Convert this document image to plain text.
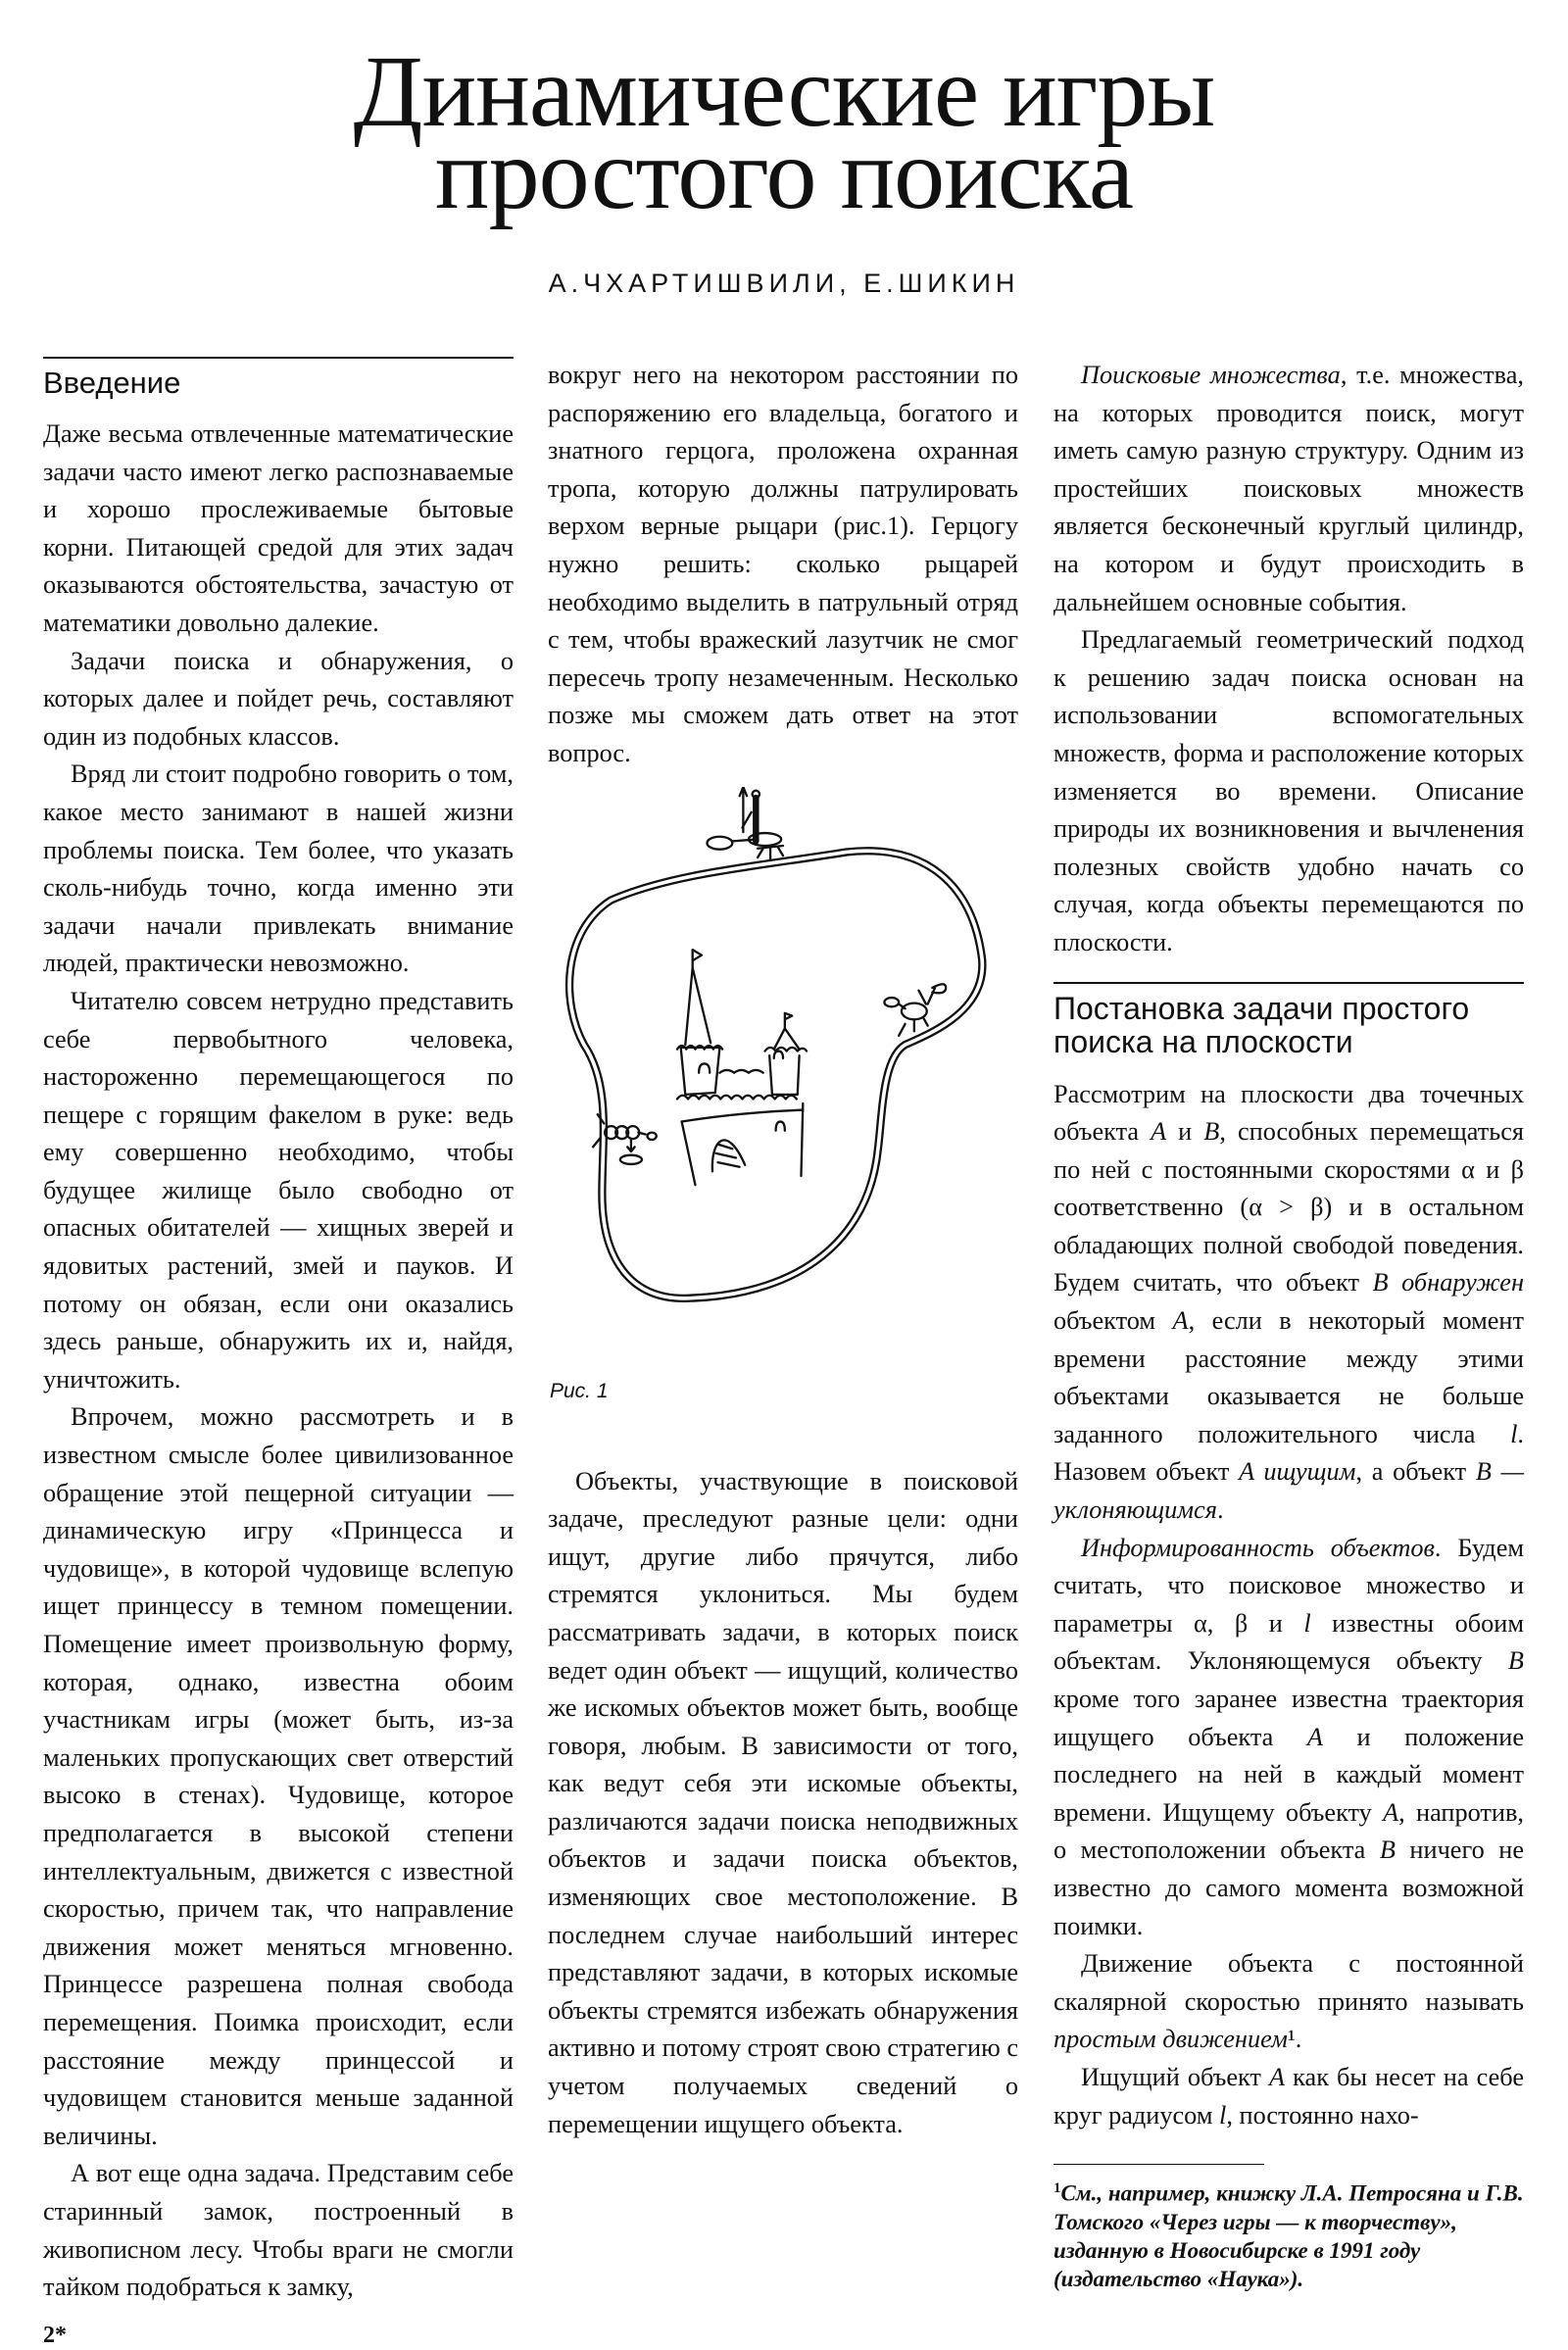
Динамические игры
простого поиска
А.ЧХАРТИШВИЛИ, Е.ШИКИН
Введение

Даже весьма отвлеченные математические задачи часто имеют легко распознаваемые и хорошо прослеживаемые бытовые корни. Питающей средой для этих задач оказываются обстоятельства, зачастую от математики довольно далекие.

Задачи поиска и обнаружения, о которых далее и пойдет речь, составляют один из подобных классов.

Вряд ли стоит подробно говорить о том, какое место занимают в нашей жизни проблемы поиска. Тем более, что указать сколь-нибудь точно, когда именно эти задачи начали привлекать внимание людей, практически невозможно.

Читателю совсем нетрудно представить себе первобытного человека, настороженно перемещающегося по пещере с горящим факелом в руке: ведь ему совершенно необходимо, чтобы будущее жилище было свободно от опасных обитателей — хищных зверей и ядовитых растений, змей и пауков. И потому он обязан, если они оказались здесь раньше, обнаружить их и, найдя, уничтожить.

Впрочем, можно рассмотреть и в известном смысле более цивилизованное обращение этой пещерной ситуации — динамическую игру «Принцесса и чудовище», в которой чудовище вслепую ищет принцессу в темном помещении. Помещение имеет произвольную форму, которая, однако, известна обоим участникам игры (может быть, из-за маленьких пропускающих свет отверстий высоко в стенах). Чудовище, которое предполагается в высокой степени интеллектуальным, движется с известной скоростью, причем так, что направление движения может меняться мгновенно. Принцессе разрешена полная свобода перемещения. Поимка происходит, если расстояние между принцессой и чудовищем становится меньше заданной величины.

А вот еще одна задача. Представим себе старинный замок, построенный в живописном лесу. Чтобы враги не смогли тайком подобраться к замку,

2*

вокруг него на некотором расстоянии по распоряжению его владельца, богатого и знатного герцога, проложена охранная тропа, которую должны патрулировать верхом верные рыцари (рис.1). Герцогу нужно решить: сколько рыцарей необходимо выделить в патрульный отряд с тем, чтобы вражеский лазутчик не смог пересечь тропу незамеченным. Несколько позже мы сможем дать ответ на этот вопрос.

Рис. 1

Объекты, участвующие в поисковой задаче, преследуют разные цели: одни ищут, другие либо прячутся, либо стремятся уклониться. Мы будем рассматривать задачи, в которых поиск ведет один объект — ищущий, количество же искомых объектов может быть, вообще говоря, любым. В зависимости от того, как ведут себя эти искомые объекты, различаются задачи поиска неподвижных объектов и задачи поиска объектов, изменяющих свое местоположение. В последнем случае наибольший интерес представляют задачи, в которых искомые объекты стремятся избежать обнаружения активно и потому строят свою стратегию с учетом получаемых сведений о перемещении ищущего объекта.

Поисковые множества, т.е. множества, на которых проводится поиск, могут иметь самую разную структуру. Одним из простейших поисковых множеств является бесконечный круглый цилиндр, на котором и будут происходить в дальнейшем основные события.

Предлагаемый геометрический подход к решению задач поиска основан на использовании вспомогательных множеств, форма и расположение которых изменяется во времени. Описание природы их возникновения и вычленения полезных свойств удобно начать со случая, когда объекты перемещаются по плоскости.

Постановка задачи простого поиска на плоскости

Рассмотрим на плоскости два точечных объекта A и B, способных перемещаться по ней с постоянными скоростями α и β соответственно (α > β) и в остальном обладающих полной свободой поведения. Будем считать, что объект B обнаружен объектом A, если в некоторый момент времени расстояние между этими объектами оказывается не больше заданного положительного числа l. Назовем объект A ищущим, а объект B — уклоняющимся.

Информированность объектов. Будем считать, что поисковое множество и параметры α, β и l известны обоим объектам. Уклоняющемуся объекту B кроме того заранее известна траектория ищущего объекта A и положение последнего на ней в каждый момент времени. Ищущему объекту A, напротив, о местоположении объекта B ничего не известно до самого момента возможной поимки.

Движение объекта с постоянной скалярной скоростью принято называть простым движением¹.

Ищущий объект A как бы несет на себе круг радиусом l, постоянно нахо-

$^1$См., например, книжку Л.А. Петросяна и Г.В. Томского «Через игры — к творчеству», изданную в Новосибирске в 1991 году (издательство «Наука»).
